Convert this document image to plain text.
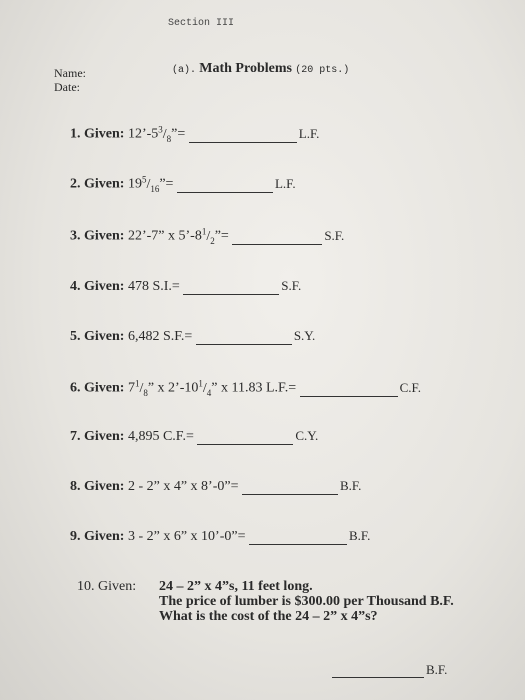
Section III
Name:
Date:
(a). Math Problems (20 pts.)
1. Given: $12’-5^3/_8”=$	L.F.
2. Given: $19^5/_{16}”=$	L.F.
3. Given: 22’-7” x $5’-8^1/_2”=$	S.F.
4. Given: 478 S.I.=	S.F.
5. Given: 6,482 S.F.=	S.Y.
6. Given: $7^1/_8$” x $2’-10^1/_4$” x 11.83 L.F.=	C.F.
7. Given: 4,895 C.F.=	C.Y.
8. Given: 2 - 2” x 4” x 8’-0”=	B.F.
9. Given: 3 - 2” x 6” x 10’-0”=	B.F.
10. Given: 24 – 2” x 4”s, 11 feet long.
The price of lumber is $300.00 per Thousand B.F.
What is the cost of the 24 – 2” x 4”s?
B.F.
